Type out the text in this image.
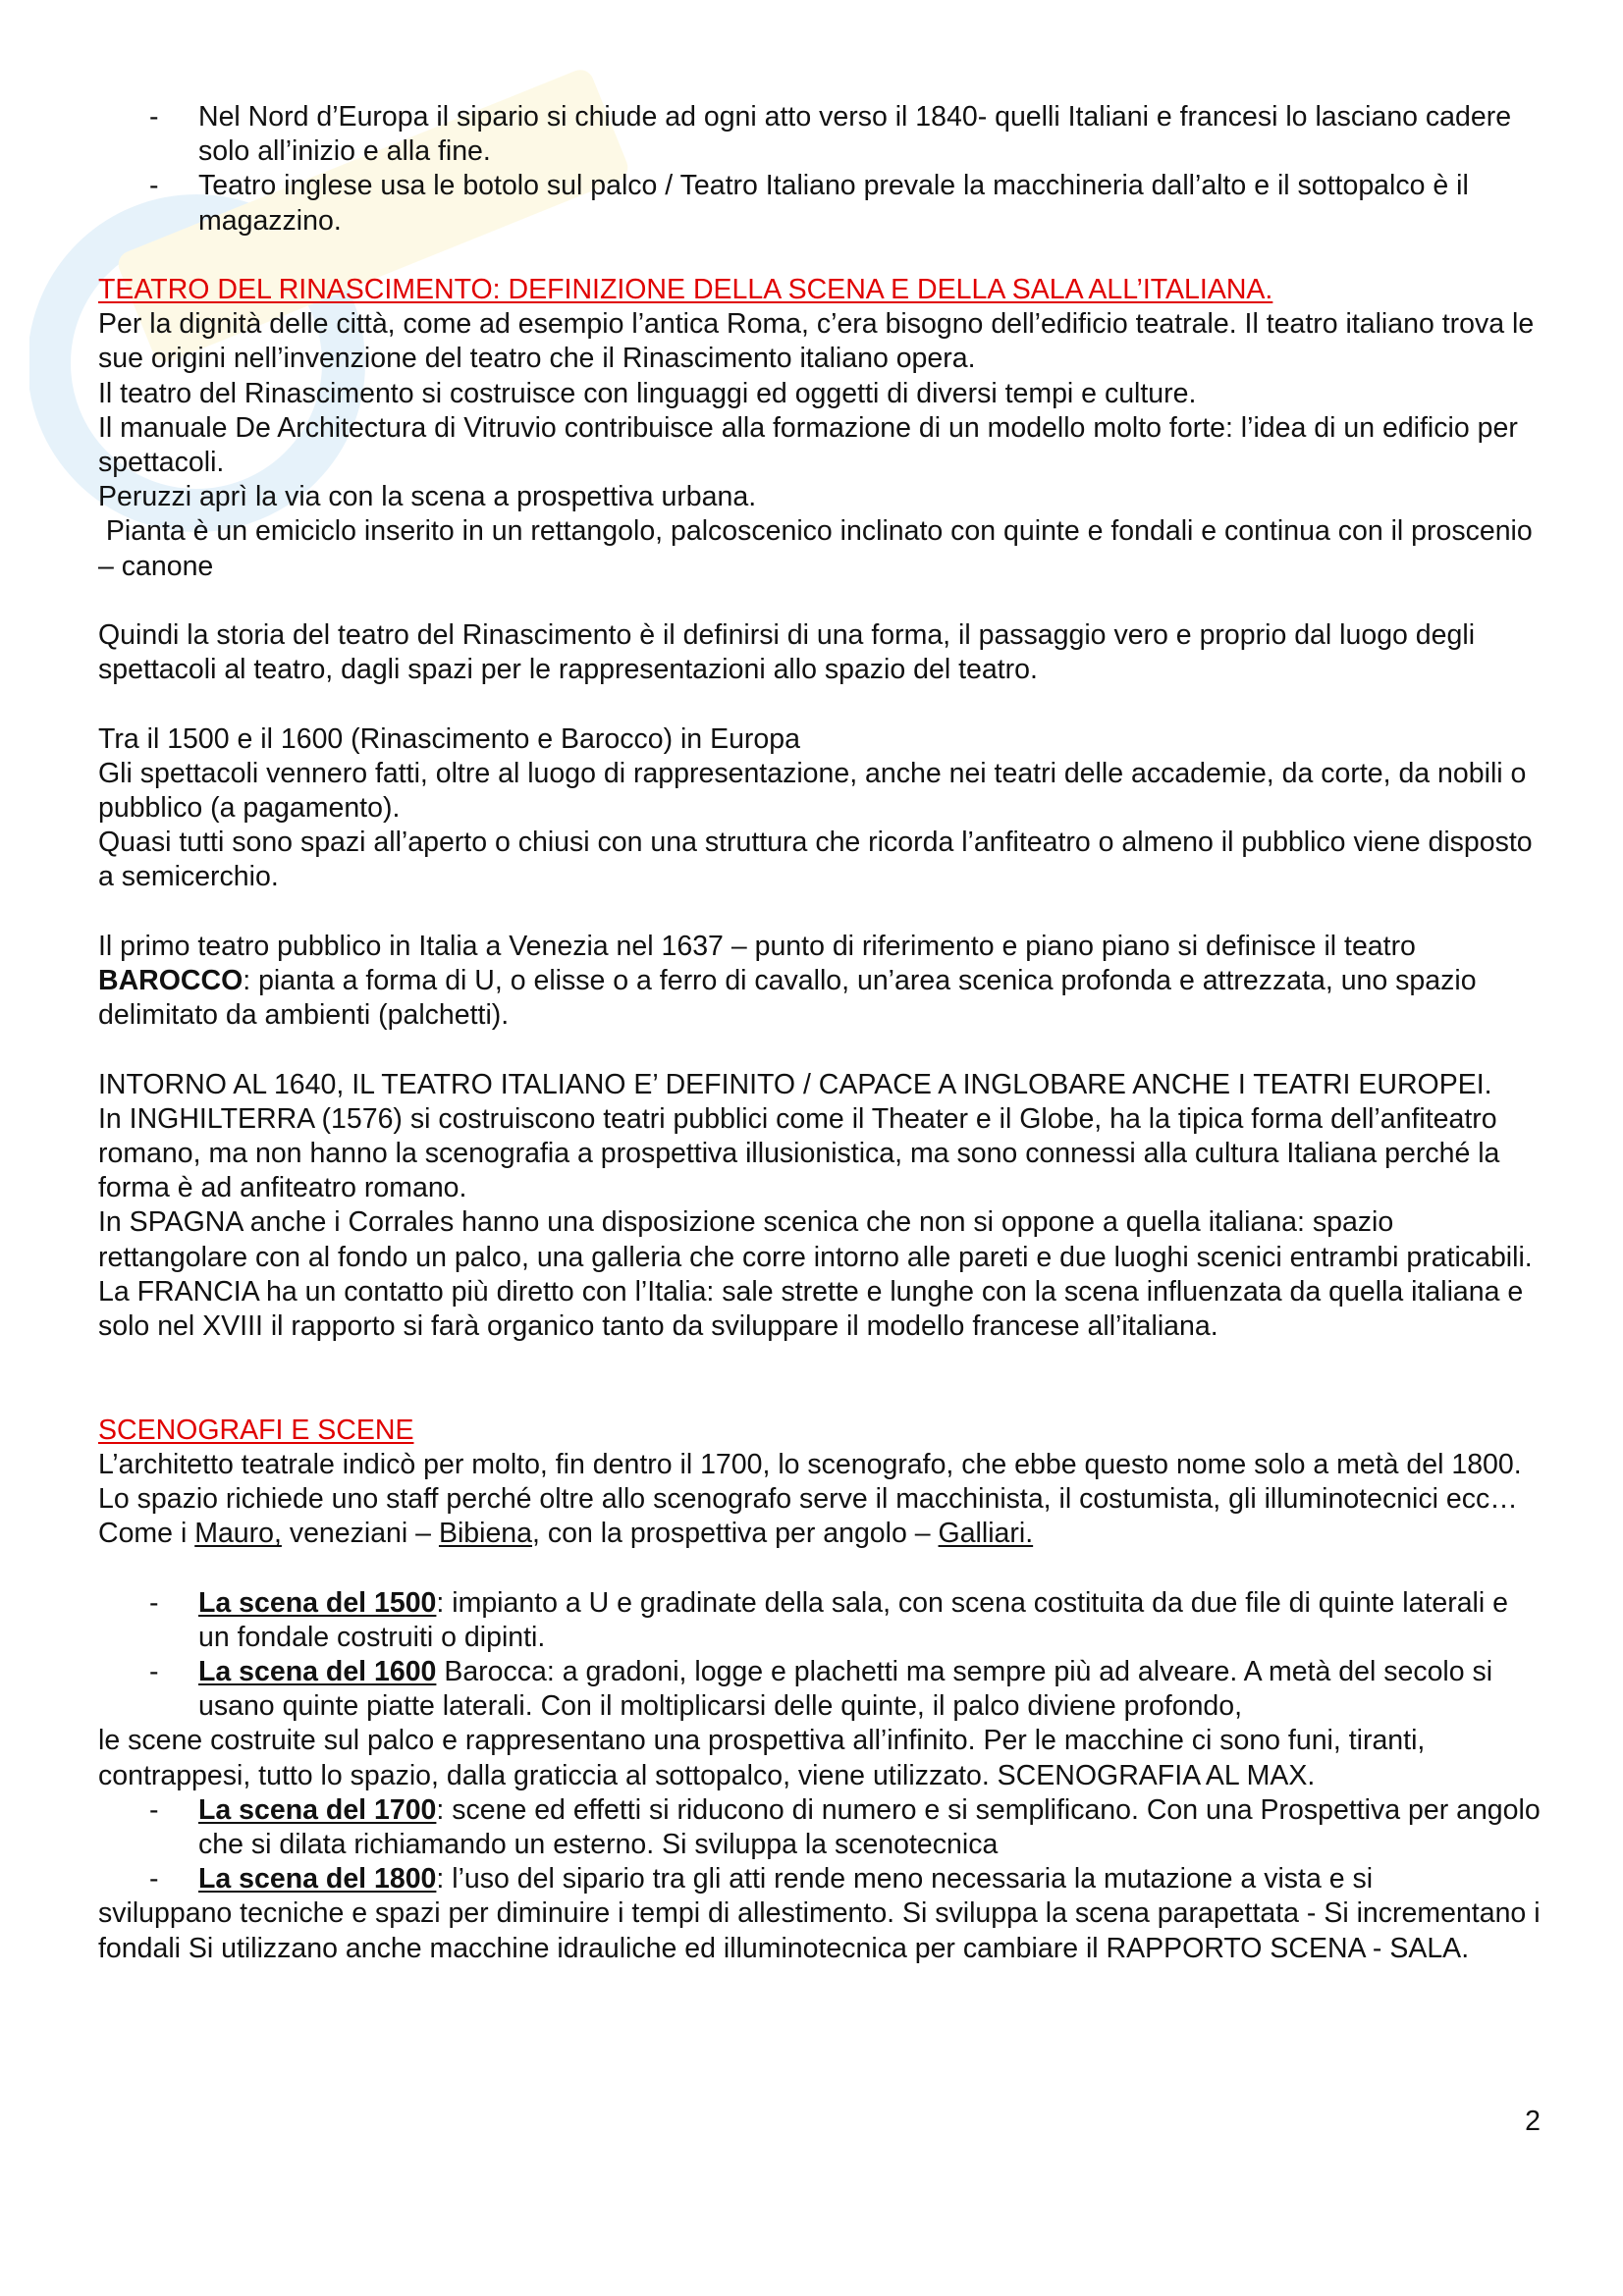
- Nel Nord d’Europa il sipario si chiude ad ogni atto verso il 1840- quelli Italiani e francesi lo lasciano cadere solo all’inizio e alla fine.
- Teatro inglese usa le botolo sul palco / Teatro Italiano prevale la macchineria dall’alto e il sottopalco è il magazzino.

TEATRO DEL RINASCIMENTO: DEFINIZIONE DELLA SCENA E DELLA SALA ALL’ITALIANA.

Per la dignità delle città, come ad esempio l’antica Roma, c’era bisogno dell’edificio teatrale. Il teatro italiano trova le sue origini nell’invenzione del teatro che il Rinascimento italiano opera.

Il teatro del Rinascimento si costruisce con linguaggi ed oggetti di diversi tempi e culture.

Il manuale De Architectura di Vitruvio contribuisce alla formazione di un modello molto forte: l’idea di un edificio per spettacoli.

Peruzzi aprì la via con la scena a prospettiva urbana.

Pianta è un emiciclo inserito in un rettangolo, palcoscenico inclinato con quinte e fondali e continua con il proscenio – canone

Quindi la storia del teatro del Rinascimento è il definirsi di una forma, il passaggio vero e proprio dal luogo degli spettacoli al teatro, dagli spazi per le rappresentazioni allo spazio del teatro.

Tra il 1500 e il 1600 (Rinascimento e Barocco) in Europa

Gli spettacoli vennero fatti, oltre al luogo di rappresentazione, anche nei teatri delle accademie, da corte, da nobili o pubblico (a pagamento).

Quasi tutti sono spazi all’aperto o chiusi con una struttura che ricorda l’anfiteatro o almeno il pubblico viene disposto a semicerchio.

Il primo teatro pubblico in Italia a Venezia nel 1637 – punto di riferimento e piano piano si definisce il teatro BAROCCO: pianta a forma di U, o elisse o a ferro di cavallo, un’area scenica profonda e attrezzata, uno spazio delimitato da ambienti (palchetti).

INTORNO AL 1640, IL TEATRO ITALIANO E’ DEFINITO / CAPACE A INGLOBARE ANCHE I TEATRI EUROPEI.

In INGHILTERRA (1576) si costruiscono teatri pubblici come il Theater e il Globe, ha la tipica forma dell’anfiteatro romano, ma non hanno la scenografia a prospettiva illusionistica, ma sono connessi alla cultura Italiana perché la forma è ad anfiteatro romano.

In SPAGNA anche i Corrales hanno una disposizione scenica che non si oppone a quella italiana: spazio rettangolare con al fondo un palco, una galleria che corre intorno alle pareti e due luoghi scenici entrambi praticabili.

La FRANCIA ha un contatto più diretto con l’Italia: sale strette e lunghe con la scena influenzata da quella italiana e solo nel XVIII il rapporto si farà organico tanto da sviluppare il modello francese all’italiana.

SCENOGRAFI E SCENE

L’architetto teatrale indicò per molto, fin dentro il 1700, lo scenografo, che ebbe questo nome solo a metà del 1800.

Lo spazio richiede uno staff perché oltre allo scenografo serve il macchinista, il costumista, gli illuminotecnici ecc…

Come i Mauro, veneziani – Bibiena, con la prospettiva per angolo – Galliari.

- La scena del 1500: impianto a U e gradinate della sala, con scena costituita da due file di quinte laterali e un fondale costruiti o dipinti.
- La scena del 1600 Barocca: a gradoni, logge e plachetti ma sempre più ad alveare. A metà del secolo si usano quinte piatte laterali. Con il moltiplicarsi delle quinte, il palco diviene profondo,

le scene costruite sul palco e rappresentano una prospettiva all’infinito. Per le macchine ci sono funi, tiranti, contrappesi, tutto lo spazio, dalla graticcia al sottopalco, viene utilizzato. SCENOGRAFIA AL MAX.

- La scena del 1700: scene ed effetti si riducono di numero e si semplificano. Con una Prospettiva per angolo che si dilata richiamando un esterno. Si sviluppa la scenotecnica
- La scena del 1800: l’uso del sipario tra gli atti rende meno necessaria la mutazione a vista e si

sviluppano tecniche e spazi per diminuire i tempi di allestimento. Si sviluppa la scena parapettata - Si incrementano i fondali Si utilizzano anche macchine idrauliche ed illuminotecnica per cambiare il RAPPORTO SCENA - SALA.

2
